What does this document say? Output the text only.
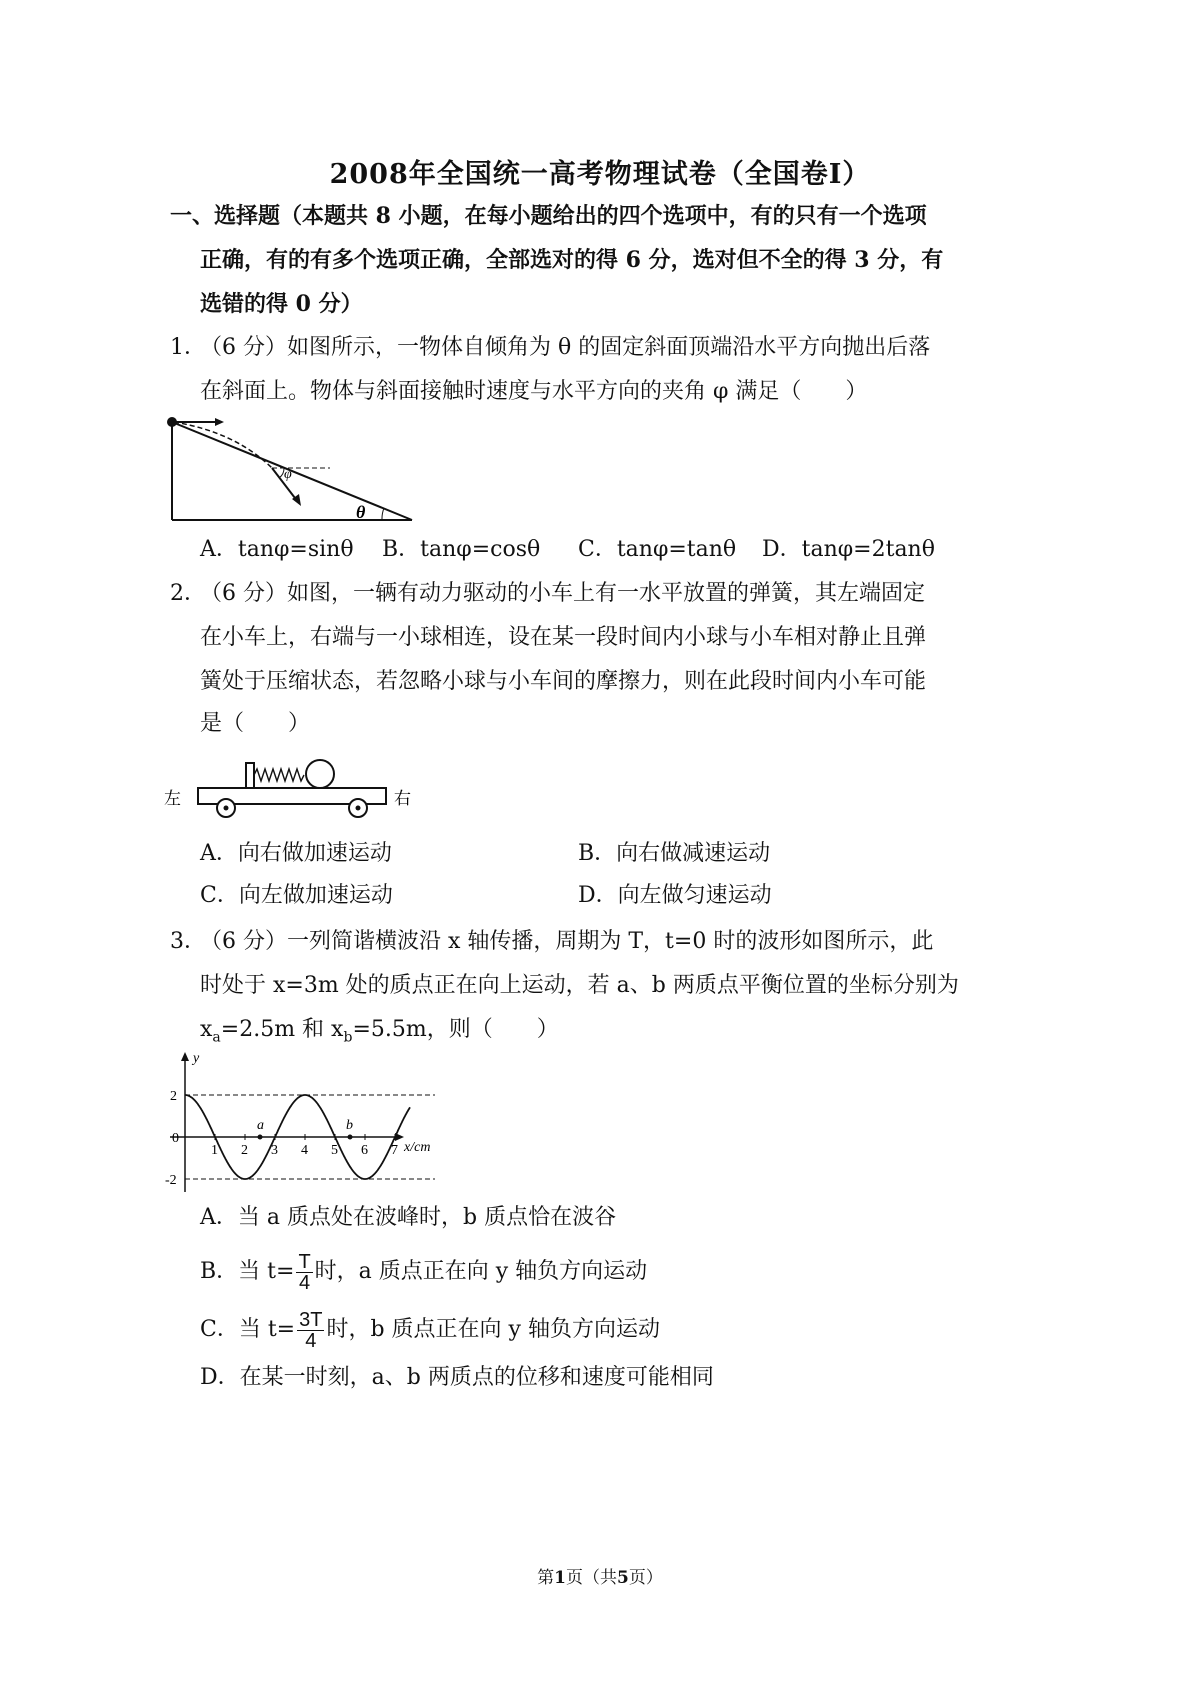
2008年全国统一高考物理试卷（全国卷I）
一、选择题（本题共 8 小题，在每小题给出的四个选项中，有的只有一个选项
正确，有的有多个选项正确，全部选对的得 6 分，选对但不全的得 3 分，有
选错的得 0 分）
1．
（6 分）如图所示，一物体自倾角为 θ 的固定斜面顶端沿水平方向抛出后落
在斜面上。物体与斜面接触时速度与水平方向的夹角 φ 满足（　　）
φ
θ
A．tanφ=sinθ B．tanφ=cosθ C．tanφ=tanθ D．tanφ=2tanθ
2．
（6 分）如图，一辆有动力驱动的小车上有一水平放置的弹簧，其左端固定
在小车上，右端与一小球相连，设在某一段时间内小球与小车相对静止且弹
簧处于压缩状态，若忽略小球与小车间的摩擦力，则在此段时间内小车可能
是（　　）
左	右
A．向右做加速运动	B．向右做减速运动
C．向左做加速运动	D．向左做匀速运动
3．
（6 分）一列简谐横波沿 x 轴传播，周期为 T，t=0 时的波形如图所示，此
时处于 x=3m 处的质点正在向上运动，若 a、b 两质点平衡位置的坐标分别为
$x_a=2.5m$ 和 $x_b=5.5m$，则（　　）
y
x/cm
0
2
-2
1 2 3 4 5 6 7
a	b
A．当 a 质点处在波峰时，b 质点恰在波谷
B．当 $t= \frac{T}{4}$ 时，a 质点正在向 y 轴负方向运动
C．当 $t= \frac{3T}{4}$ 时，b 质点正在向 y 轴负方向运动
D．在某一时刻，a、b 两质点的位移和速度可能相同
第1页（共5页）
